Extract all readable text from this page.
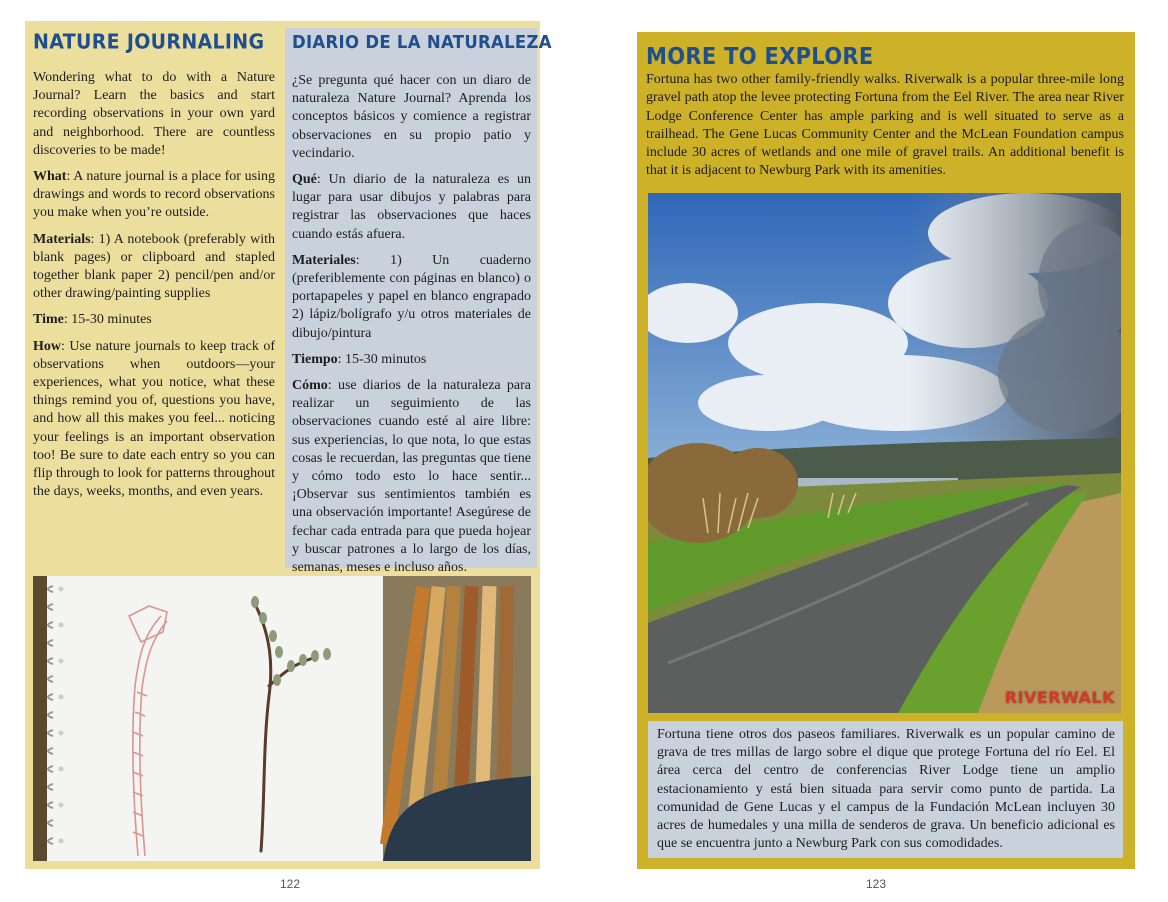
NATURE JOURNALING

Wondering what to do with a Nature Journal? Learn the basics and start recording observations in your own yard and neighborhood. There are countless discoveries to be made!

What: A nature journal is a place for using drawings and words to record observations you make when you’re outside.

Materials: 1) A notebook (preferably with blank pages) or clipboard and stapled together blank paper 2) pencil/pen and/or other drawing/painting supplies

Time: 15-30 minutes

How: Use nature journals to keep track of observations when outdoors—your experiences, what you notice, what these things remind you of, questions you have, and how all this makes you feel... noticing your feelings is an important observation too! Be sure to date each entry so you can flip through to look for patterns throughout the days, weeks, months, and even years.

DIARIO DE LA NATURALEZA

¿Se pregunta qué hacer con un diaro de naturaleza Nature Journal? Aprenda los conceptos básicos y comience a registrar observaciones en su propio patio y vecindario.

Qué: Un diario de la naturaleza es un lugar para usar dibujos y palabras para registrar las observaciones que haces cuando estás afuera.

Materiales: 1) Un cuaderno (preferiblemente con páginas en blanco) o portapapeles y papel en blanco engrapado 2) lápiz/bolígrafo y/u otros materiales de dibujo/pintura

Tiempo: 15-30 minutos

Cómo: use diarios de la naturaleza para realizar un seguimiento de las observaciones cuando esté al aire libre: sus experiencias, lo que nota, lo que estas cosas le recuerdan, las preguntas que tiene y cómo todo esto lo hace sentir... ¡Observar sus sentimientos también es una observación importante! Asegúrese de fechar cada entrada para que pueda hojear y buscar patrones a lo largo de los días, semanas, meses e incluso años.

122
MORE TO EXPLORE

Fortuna has two other family-friendly walks. Riverwalk is a popular three-mile long gravel path atop the levee protecting Fortuna from the Eel River. The area near River Lodge Conference Center has ample parking and is well situated to serve as a trailhead. The Gene Lucas Community Center and the McLean Foundation campus include 30 acres of wetlands and one mile of gravel trails. An additional benefit is that it is adjacent to Newburg Park with its amenities.

RIVERWALK

Fortuna tiene otros dos paseos familiares. Riverwalk es un popular camino de grava de tres millas de largo sobre el dique que protege Fortuna del río Eel. El área cerca del centro de conferencias River Lodge tiene un amplio estacionamiento y está bien situada para servir como punto de partida. La comunidad de Gene Lucas y el campus de la Fundación McLean incluyen 30 acres de humedales y una milla de senderos de grava. Un beneficio adicional es que se encuentra junto a Newburg Park con sus comodidades.

123
